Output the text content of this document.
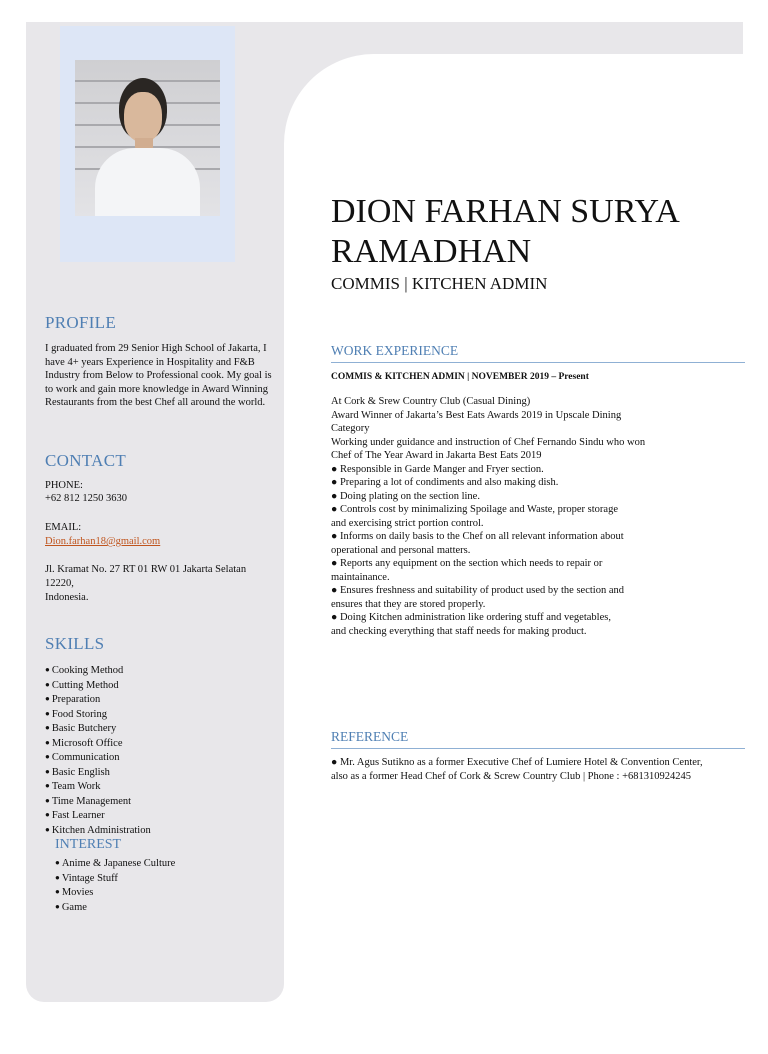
PROFILE
I graduated from 29 Senior High School of Jakarta, I have 4+ years Experience in Hospitality and F&B Industry from Below to Professional cook. My goal is to work and gain more knowledge in Award Winning Restaurants from the best Chef all around the world.
CONTACT
PHONE:
+62 812 1250 3630
EMAIL:
Dion.farhan18@gmail.com
Jl. Kramat No. 27 RT 01 RW 01 Jakarta Selatan
12220,
Indonesia.
SKILLS
● Cooking Method
● Cutting Method
● Preparation
● Food Storing
● Basic Butchery
● Microsoft Office
● Communication
● Basic English
● Team Work
● Time Management
● Fast Learner
● Kitchen Administration
INTEREST
● Anime & Japanese Culture
● Vintage Stuff
● Movies
● Game
DION FARHAN SURYA
RAMADHAN
COMMIS | KITCHEN ADMIN
WORK EXPERIENCE
COMMIS & KITCHEN ADMIN | NOVEMBER 2019 – Present
At Cork & Srew Country Club (Casual Dining)
Award Winner of Jakarta’s Best Eats Awards 2019 in Upscale Dining
Category
Working under guidance and instruction of Chef Fernando Sindu who won
Chef of The Year Award in Jakarta Best Eats 2019
● Responsible in Garde Manger and Fryer section.
● Preparing a lot of condiments and also making dish.
● Doing plating on the section line.
● Controls cost by minimalizing Spoilage and Waste, proper storage
and exercising strict portion control.
● Informs on daily basis to the Chef on all relevant information about
operational and personal matters.
● Reports any equipment on the section which needs to repair or
maintainance.
● Ensures freshness and suitability of product used by the section and
ensures that they are stored properly.
● Doing Kitchen administration like ordering stuff and vegetables,
and checking everything that staff needs for making product.
REFERENCE
● Mr. Agus Sutikno as a former Executive Chef of Lumiere Hotel & Convention Center,
also as a former Head Chef of Cork & Screw Country Club | Phone : +681310924245
